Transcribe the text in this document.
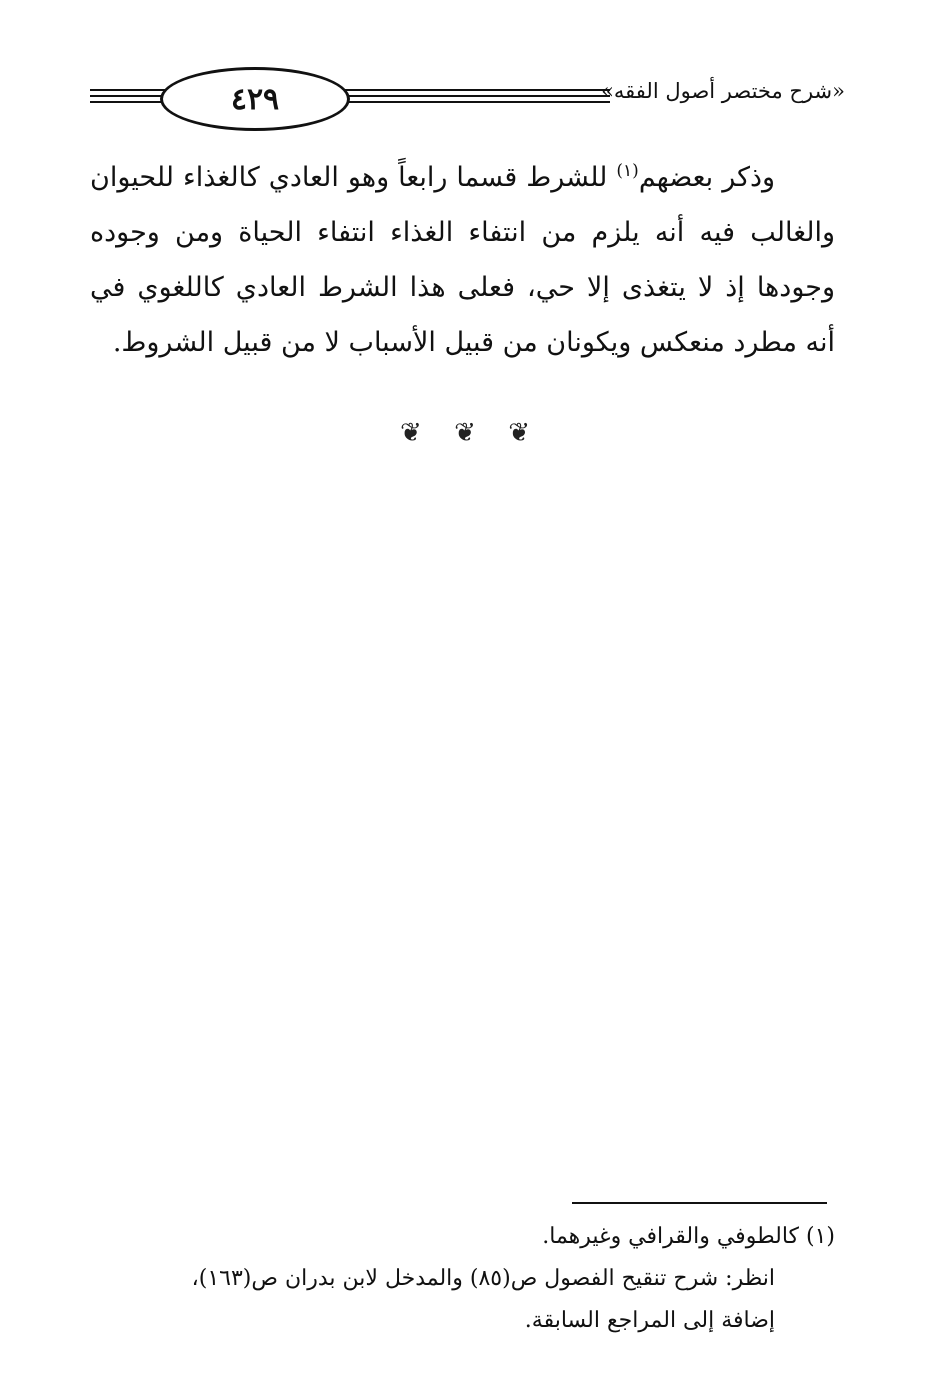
٤٢٩	«شرح مختصر أصول الفقه»

وذكر بعضهم$^{(١)}$ للشرط قسما رابعاً وهو العادي كالغذاء للحيوان والغالب فيه أنه يلزم من انتفاء الغذاء انتفاء الحياة ومن وجوده وجودها إذ لا يتغذى إلا حي، فعلى هذا الشرط العادي كاللغوي في أنه مطرد منعكس ويكونان من قبيل الأسباب لا من قبيل الشروط.

❦ ❦ ❦
(١) كالطوفي والقرافي وغيرهما.
انظر: شرح تنقيح الفصول ص(٨٥) والمدخل لابن بدران ص(١٦٣)،
إضافة إلى المراجع السابقة.
